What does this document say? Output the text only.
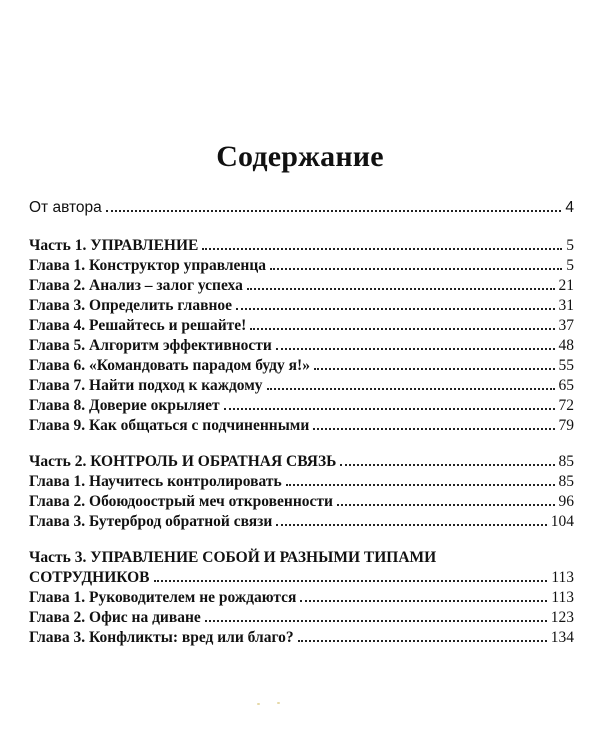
Содержание
От автора	4
Часть 1. УПРАВЛЕНИЕ	5
Глава 1. Конструктор управленца	5
Глава 2. Анализ – залог успеха	21
Глава 3. Определить главное	31
Глава 4. Решайтесь и решайте!	37
Глава 5. Алгоритм эффективности	48
Глава 6. «Командовать парадом буду я!»	55
Глава 7. Найти подход к каждому	65
Глава 8. Доверие окрыляет	72
Глава 9. Как общаться с подчиненными	79
Часть 2. КОНТРОЛЬ И ОБРАТНАЯ СВЯЗЬ	85
Глава 1. Научитесь контролировать	85
Глава 2. Обоюдоострый меч откровенности	96
Глава 3. Бутерброд обратной связи	104
Часть 3. УПРАВЛЕНИЕ СОБОЙ И РАЗНЫМИ ТИПАМИ
СОТРУДНИКОВ	113
Глава 1. Руководителем не рождаются	113
Глава 2. Офис на диване	123
Глава 3. Конфликты: вред или благо?	134
